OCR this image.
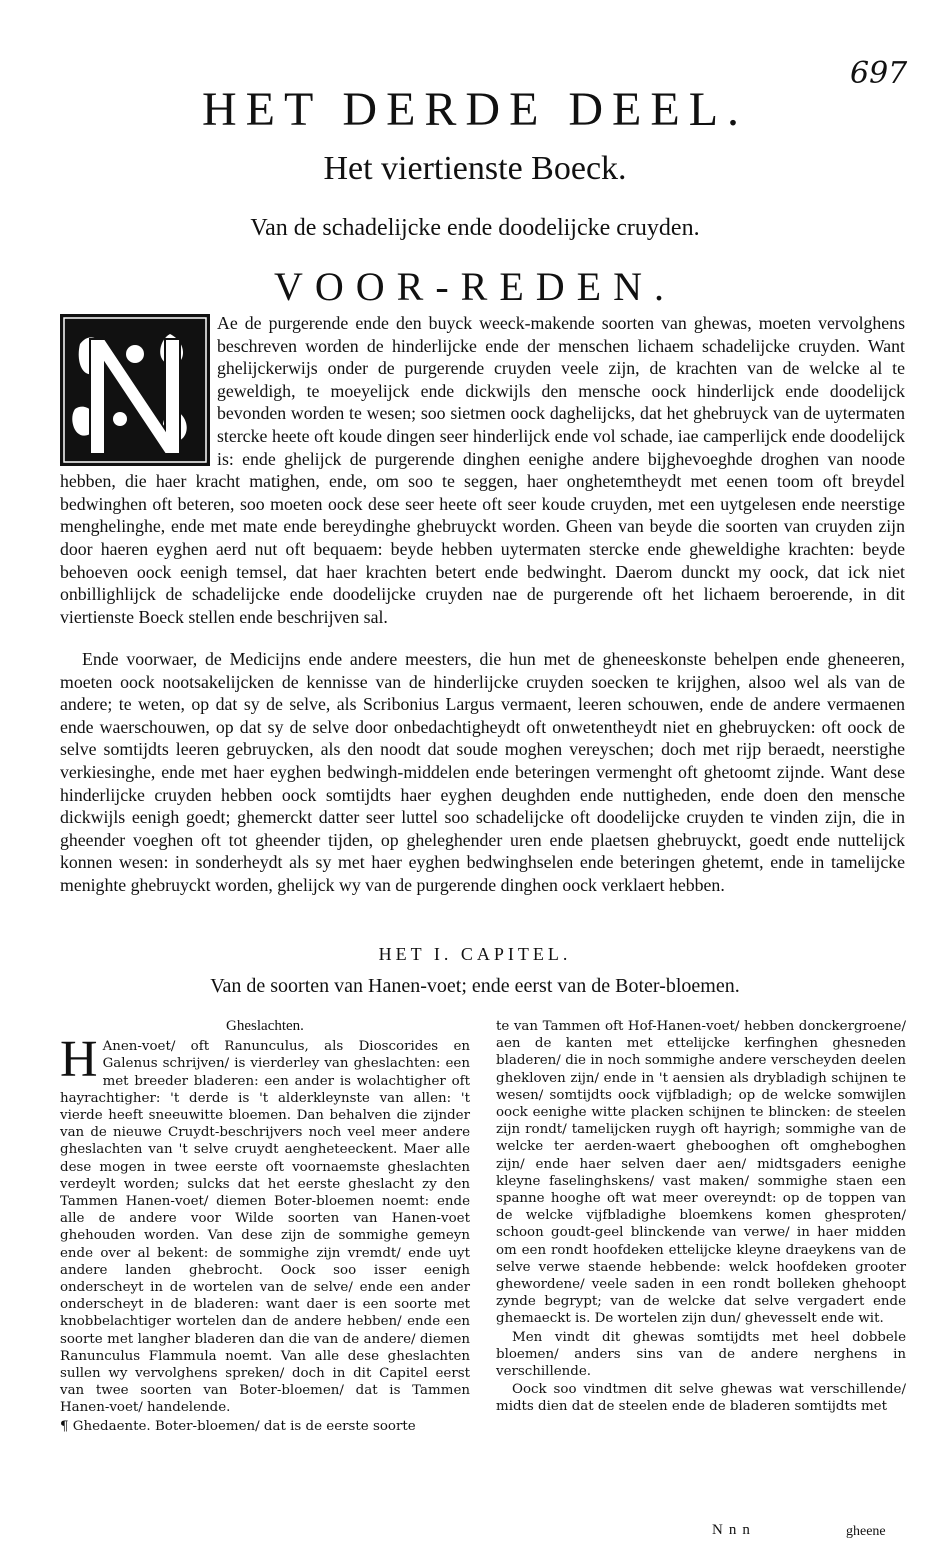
697
HET DERDE DEEL.
Het viertienste Boeck.
Van de schadelijcke ende doodelijcke cruyden.
VOOR-REDEN.
Ae de purgerende ende den buyck weeck-makende soorten van ghewas, moeten vervolghens beschreven worden de hinderlijcke ende der menschen lichaem schadelijcke cruyden. Want ghelijckerwijs onder de purgerende cruyden veele zijn, de krachten van de welcke al te geweldigh, te moeyelijck ende dickwijls den mensche oock hinderlijck ende doodelijck bevonden worden te wesen; soo sietmen oock daghelijcks, dat het ghebruyck van de uytermaten stercke heete oft koude dingen seer hinderlijck ende vol schade, iae camperlijck ende doodelijck is: ende ghelijck de purgerende dinghen eenighe andere bijghevoeghde droghen van noode hebben, die haer kracht matighen, ende, om soo te seggen, haer onghetemtheydt met eenen toom oft breydel bedwinghen oft beteren, soo moeten oock dese seer heete oft seer koude cruyden, met een uytgelesen ende neerstige menghelinghe, ende met mate ende bereydinghe ghebruyckt worden. Gheen van beyde die soorten van cruyden zijn door haeren eyghen aerd nut oft bequaem: beyde hebben uytermaten stercke ende gheweldighe krachten: beyde behoeven oock eenigh temsel, dat haer krachten betert ende bedwinght. Daerom dunckt my oock, dat ick niet onbillighlijck de schadelijcke ende doodelijcke cruyden nae de purgerende oft het lichaem beroerende, in dit viertienste Boeck stellen ende beschrijven sal.
Ende voorwaer, de Medicijns ende andere meesters, die hun met de gheneeskonste behelpen ende gheneeren, moeten oock nootsakelijcken de kennisse van de hinderlijcke cruyden soecken te krijghen, alsoo wel als van de andere; te weten, op dat sy de selve, als Scribonius Largus vermaent, leeren schouwen, ende de andere vermaenen ende waerschouwen, op dat sy de selve door onbedachtigheydt oft onwetentheydt niet en ghebruycken: oft oock de selve somtijdts leeren gebruycken, als den noodt dat soude moghen vereyschen; doch met rijp beraedt, neerstighe verkiesinghe, ende met haer eyghen bedwingh-middelen ende beteringen vermenght oft ghetoomt zijnde. Want dese hinderlijcke cruyden hebben oock somtijdts haer eyghen deughden ende nuttigheden, ende doen den mensche dickwijls eenigh goedt; ghemerckt datter seer luttel soo schadelijcke oft doodelijcke cruyden te vinden zijn, die in gheender voeghen oft tot gheender tijden, op gheleghender uren ende plaetsen ghebruyckt, goedt ende nuttelijck konnen wesen: in sonderheydt als sy met haer eyghen bedwinghselen ende beteringen ghetemt, ende in tamelijcke menighte ghebruyckt worden, ghelijck wy van de purgerende dinghen oock verklaert hebben.
HET I. CAPITEL.
Van de soorten van Hanen-voet; ende eerst van de Boter-bloemen.
Gheslachten.
H Anen-voet/ oft Ranunculus, als Dioscorides en Galenus schrijven/ is vierderley van gheslachten: een met breeder bladeren: een ander is wolachtigher oft hayrachtigher: 't derde is 't alderkleynste van allen: 't vierde heeft sneeuwitte bloemen. Dan behalven die zijnder van de nieuwe Cruydt-beschrijvers noch veel meer andere gheslachten van 't selve cruydt aengheteeckent. Maer alle dese mogen in twee eerste oft voornaemste gheslachten verdeylt worden; sulcks dat het eerste gheslacht zy den Tammen Hanen-voet/ diemen Boter-bloemen noemt: ende alle de andere voor Wilde soorten van Hanen-voet ghehouden worden. Van dese zijn de sommighe gemeyn ende over al bekent: de sommighe zijn vremdt/ ende uyt andere landen ghebrocht. Oock soo isser eenigh onderscheyt in de wortelen van de selve/ ende een ander onderscheyt in de bladeren: want daer is een soorte met knobbelachtiger wortelen dan de andere hebben/ ende een soorte met langher bladeren dan die van de andere/ diemen Ranunculus Flammula noemt. Van alle dese gheslachten sullen wy vervolghens spreken/ doch in dit Capitel eerst van twee soorten van Boter-bloemen/ dat is Tammen Hanen-voet/ handelende.

¶ Ghedaente. Boter-bloemen/ dat is de eerste soorte

te van Tammen oft Hof-Hanen-voet/ hebben donckergroene/ aen de kanten met ettelijcke kerfinghen ghesneden bladeren/ die in noch sommighe andere verscheyden deelen ghekloven zijn/ ende in 't aensien als drybladigh schijnen te wesen/ somtijdts oock vijfbladigh; op de welcke somwijlen oock eenighe witte placken schijnen te blincken: de steelen zijn rondt/ tamelijcken ruygh oft hayrigh; sommighe van de welcke ter aerden-waert ghebooghen oft omgheboghen zijn/ ende haer selven daer aen/ midtsgaders eenighe kleyne faselinghskens/ vast maken/ sommighe staen een spanne hooghe oft wat meer overeyndt: op de toppen van de welcke vijfbladighe bloemkens komen ghesproten/ schoon goudt-geel blinckende van verwe/ in haer midden om een rondt hoofdeken ettelijcke kleyne draeykens van de selve verwe staende hebbende: welck hoofdeken grooter ghewordene/ veele saden in een rondt bolleken ghehoopt zynde begrypt; van de welcke dat selve vergadert ende ghemaeckt is. De wortelen zijn dun/ ghevesselt ende wit.

Men vindt dit ghewas somtijdts met heel dobbele bloemen/ anders sins van de andere nerghens in verschillende.

Oock soo vindtmen dit selve ghewas wat verschillende/ midts dien dat de steelen ende de bladeren somtijdts met

Nnn	gheene
